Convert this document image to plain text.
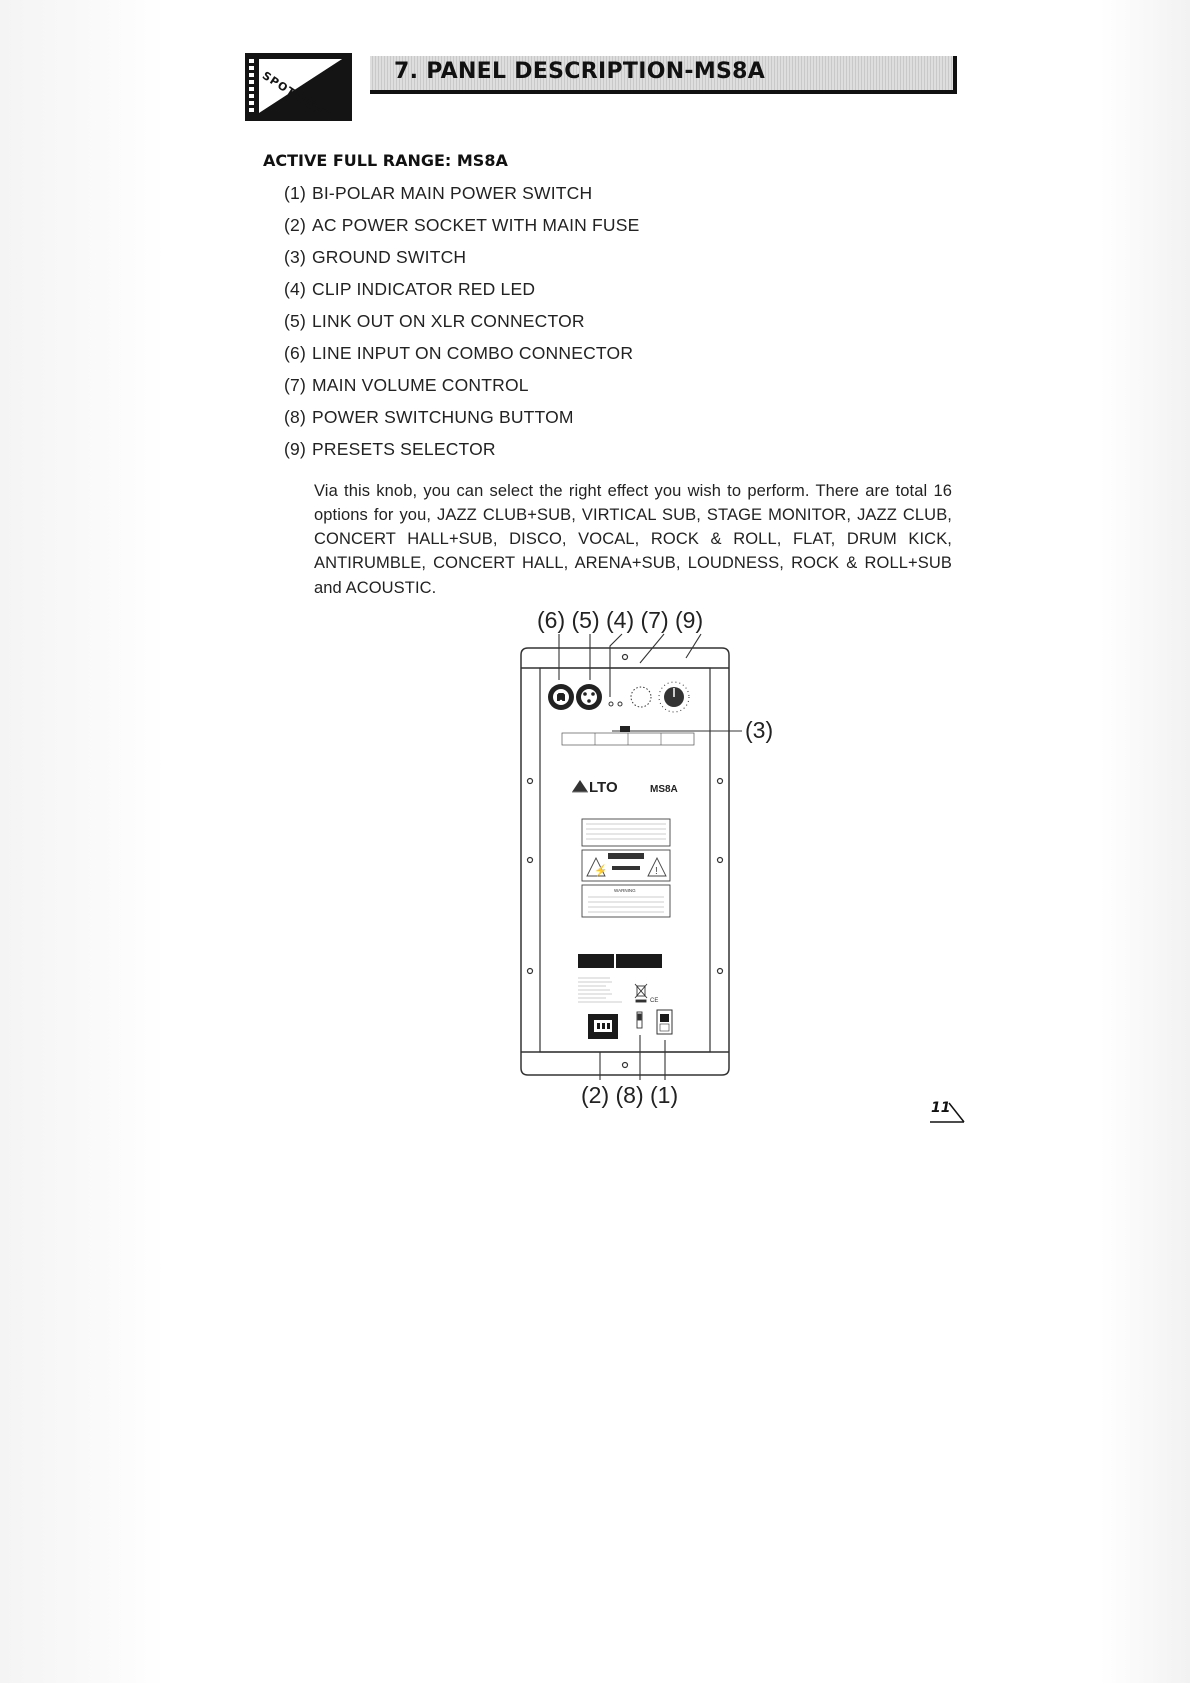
SPOTLIGHT	7. PANEL DESCRIPTION-MS8A
ACTIVE FULL RANGE: MS8A
(1) BI-POLAR MAIN POWER SWITCH
(2) AC POWER SOCKET WITH MAIN FUSE
(3) GROUND SWITCH
(4) CLIP INDICATOR RED LED
(5) LINK OUT ON XLR CONNECTOR
(6) LINE INPUT ON COMBO CONNECTOR
(7) MAIN VOLUME CONTROL
(8) POWER SWITCHUNG BUTTOM
(9) PRESETS SELECTOR

Via this knob, you can select the right effect you wish to perform. There are total 16 options for you, JAZZ CLUB+SUB, VIRTICAL SUB, STAGE MONITOR, JAZZ CLUB, CONCERT HALL+SUB, DISCO, VOCAL, ROCK & ROLL, FLAT, DRUM KICK, ANTIRUMBLE, CONCERT HALL, ARENA+SUB, LOUDNESS, ROCK & ROLL+SUB and ACOUSTIC.

(6) (5) (4) (7) (9)
(3)
(2) (8) (1)
LTO	MS8A
⚡	!
WARNING
CE
11
